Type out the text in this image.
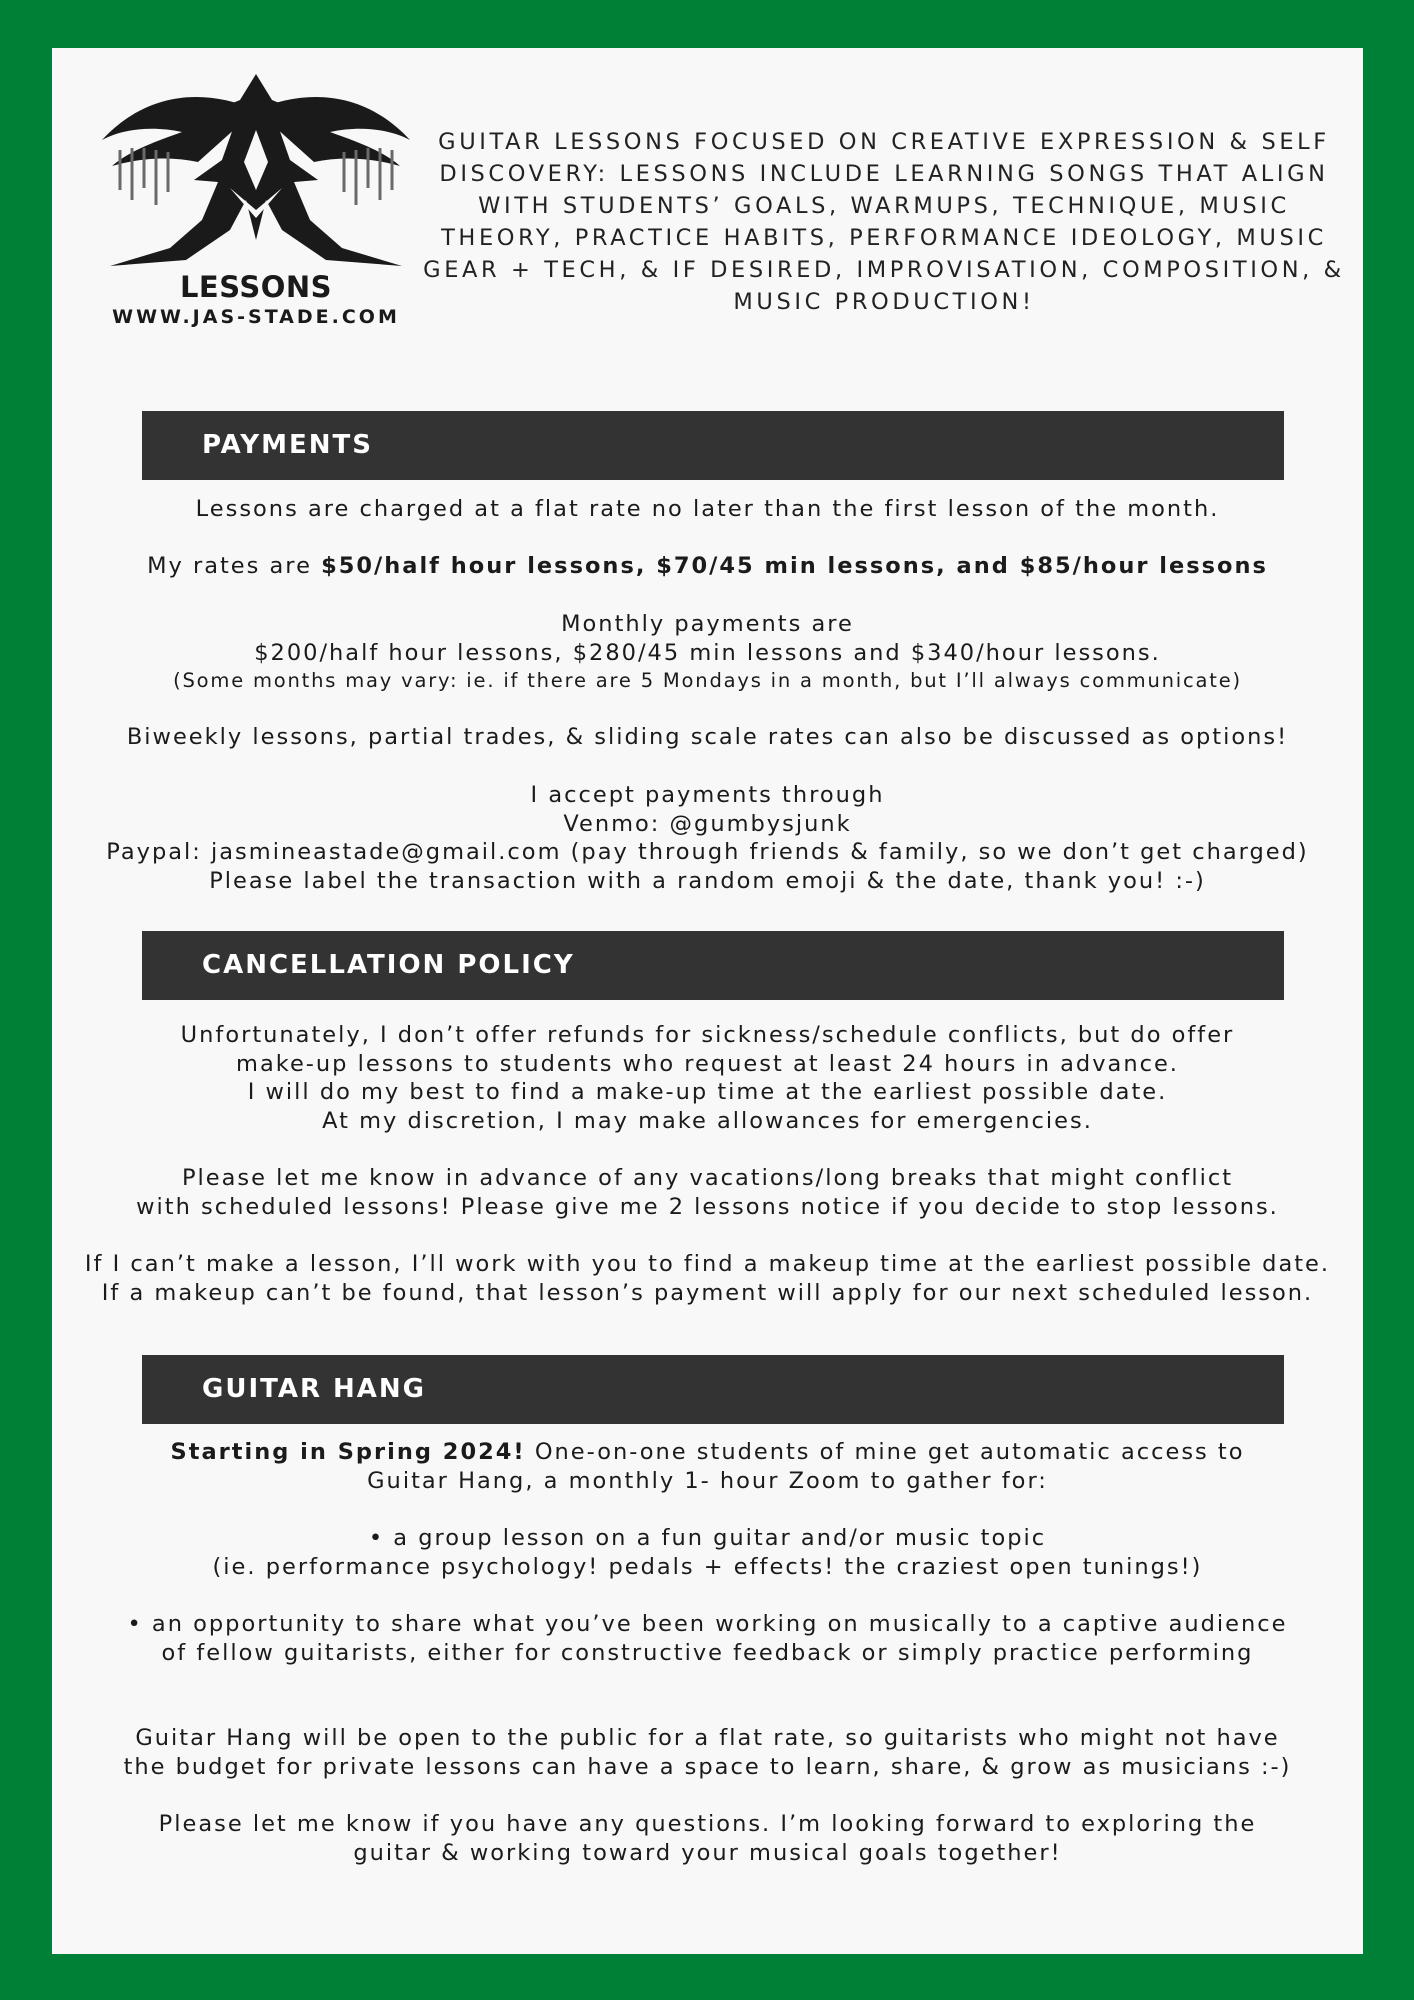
LESSONS
WWW.JAS-STADE.COM
GUITAR LESSONS FOCUSED ON CREATIVE EXPRESSION & SELF DISCOVERY: LESSONS INCLUDE LEARNING SONGS THAT ALIGN WITH STUDENTS’ GOALS, WARMUPS, TECHNIQUE, MUSIC THEORY, PRACTICE HABITS, PERFORMANCE IDEOLOGY, MUSIC GEAR + TECH, & IF DESIRED, IMPROVISATION, COMPOSITION, & MUSIC PRODUCTION!
PAYMENTS

Lessons are charged at a flat rate no later than the first lesson of the month.

My rates are $50/half hour lessons, $70/45 min lessons, and $85/hour lessons

Monthly payments are

$200/half hour lessons, $280/45 min lessons and $340/hour lessons.

(Some months may vary: ie. if there are 5 Mondays in a month, but I’ll always communicate)

Biweekly lessons, partial trades, & sliding scale rates can also be discussed as options!

I accept payments through

Venmo: @gumbysjunk

Paypal: jasmineastade@gmail.com (pay through friends & family, so we don’t get charged)

Please label the transaction with a random emoji & the date, thank you! :-)

CANCELLATION POLICY

Unfortunately, I don’t offer refunds for sickness/schedule conflicts, but do offer

make-up lessons to students who request at least 24 hours in advance.

I will do my best to find a make-up time at the earliest possible date.

At my discretion, I may make allowances for emergencies.

Please let me know in advance of any vacations/long breaks that might conflict

with scheduled lessons! Please give me 2 lessons notice if you decide to stop lessons.

If I can’t make a lesson, I’ll work with you to find a makeup time at the earliest possible date.

If a makeup can’t be found, that lesson’s payment will apply for our next scheduled lesson.

GUITAR HANG

Starting in Spring 2024! One-on-one students of mine get automatic access to

Guitar Hang, a monthly 1- hour Zoom to gather for:

• a group lesson on a fun guitar and/or music topic

(ie. performance psychology! pedals + effects! the craziest open tunings!)

• an opportunity to share what you’ve been working on musically to a captive audience

of fellow guitarists, either for constructive feedback or simply practice performing

Guitar Hang will be open to the public for a flat rate, so guitarists who might not have

the budget for private lessons can have a space to learn, share, & grow as musicians :-)

Please let me know if you have any questions. I’m looking forward to exploring the

guitar & working toward your musical goals together!
